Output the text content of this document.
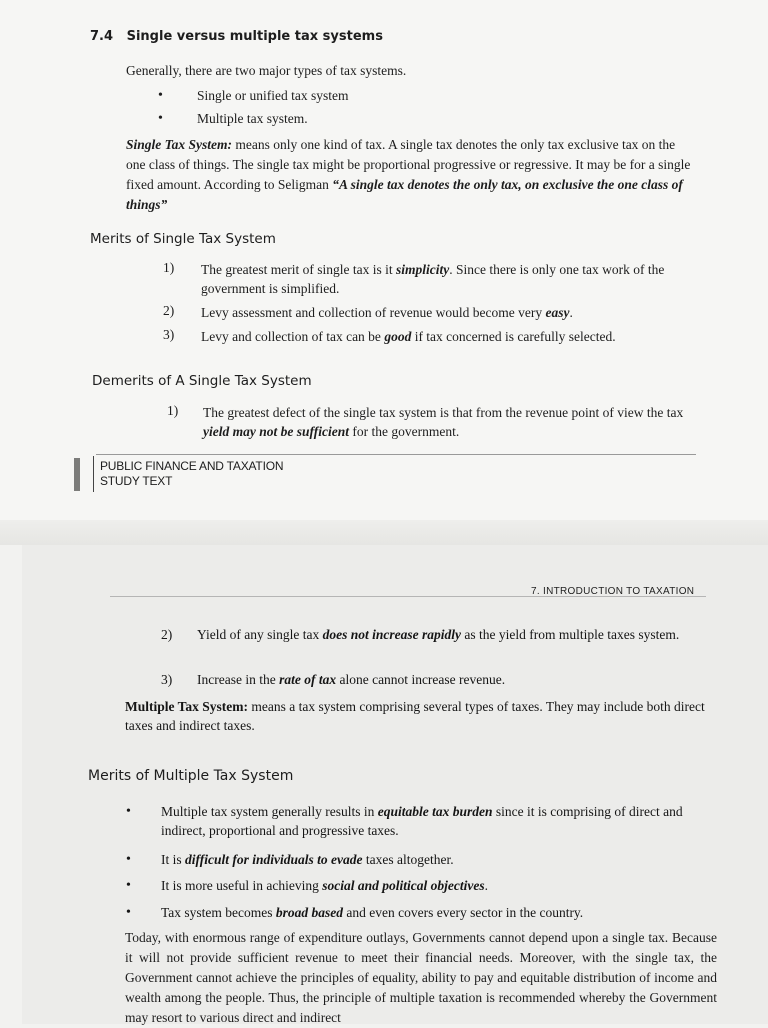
7.4 Single versus multiple tax systems
Generally, there are two major types of tax systems.
•	Single or unified tax system
•	Multiple tax system.
Single Tax System: means only one kind of tax. A single tax denotes the only tax exclusive tax on the one class of things. The single tax might be proportional progressive or regressive. It may be for a single fixed amount. According to Seligman “A single tax denotes the only tax, on exclusive the one class of things”
Merits of Single Tax System
1) The greatest merit of single tax is it simplicity. Since there is only one tax work of the government is simplified.
2) Levy assessment and collection of revenue would become very easy.
3) Levy and collection of tax can be good if tax concerned is carefully selected.
Demerits of A Single Tax System
1) The greatest defect of the single tax system is that from the revenue point of view the tax yield may not be sufficient for the government.
PUBLIC FINANCE AND TAXATION
STUDY TEXT
7. INTRODUCTION TO TAXATION
2) Yield of any single tax does not increase rapidly as the yield from multiple taxes system.
3) Increase in the rate of tax alone cannot increase revenue.
Multiple Tax System: means a tax system comprising several types of taxes. They may include both direct taxes and indirect taxes.
Merits of Multiple Tax System
• Multiple tax system generally results in equitable tax burden since it is comprising of direct and indirect, proportional and progressive taxes.
• It is difficult for individuals to evade taxes altogether.
• It is more useful in achieving social and political objectives.
• Tax system becomes broad based and even covers every sector in the country.
Today, with enormous range of expenditure outlays, Governments cannot depend upon a single tax. Because it will not provide sufficient revenue to meet their financial needs. Moreover, with the single tax, the Government cannot achieve the principles of equality, ability to pay and equitable distribution of income and wealth among the people. Thus, the principle of multiple taxation is recommended whereby the Government may resort to various direct and indirect
